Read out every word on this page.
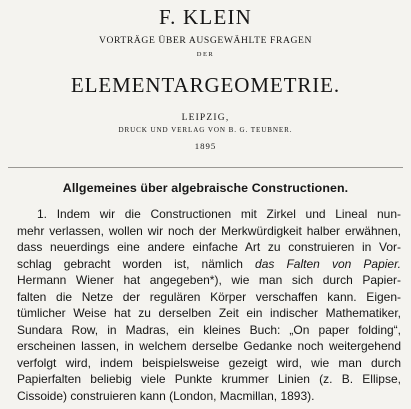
F. KLEIN
VORTRÄGE ÜBER AUSGEWÄHLTE FRAGEN
DER
ELEMENTARGEOMETRIE.
LEIPZIG,
DRUCK UND VERLAG VON B. G. TEUBNER.
1895
Allgemeines über algebraische Constructionen.
1. Indem wir die Constructionen mit Zirkel und Lineal nun-
mehr verlassen, wollen wir noch der Merkwürdigkeit halber erwähnen,
dass neuerdings eine andere einfache Art zu construieren in Vor-
schlag gebracht worden ist, nämlich das Falten von Papier.
Hermann Wiener hat angegeben*), wie man sich durch Papier-
falten die Netze der regulären Körper verschaffen kann. Eigen-
tümlicher Weise hat zu derselben Zeit ein indischer Mathematiker,
Sundara Row, in Madras, ein kleines Buch: „On paper folding“,
erscheinen lassen, in welchem derselbe Gedanke noch weitergehend
verfolgt wird, indem beispielsweise gezeigt wird, wie man durch
Papierfalten beliebig viele Punkte krummer Linien (z. B. Ellipse,
Cissoide) construieren kann (London, Macmillan, 1893).
